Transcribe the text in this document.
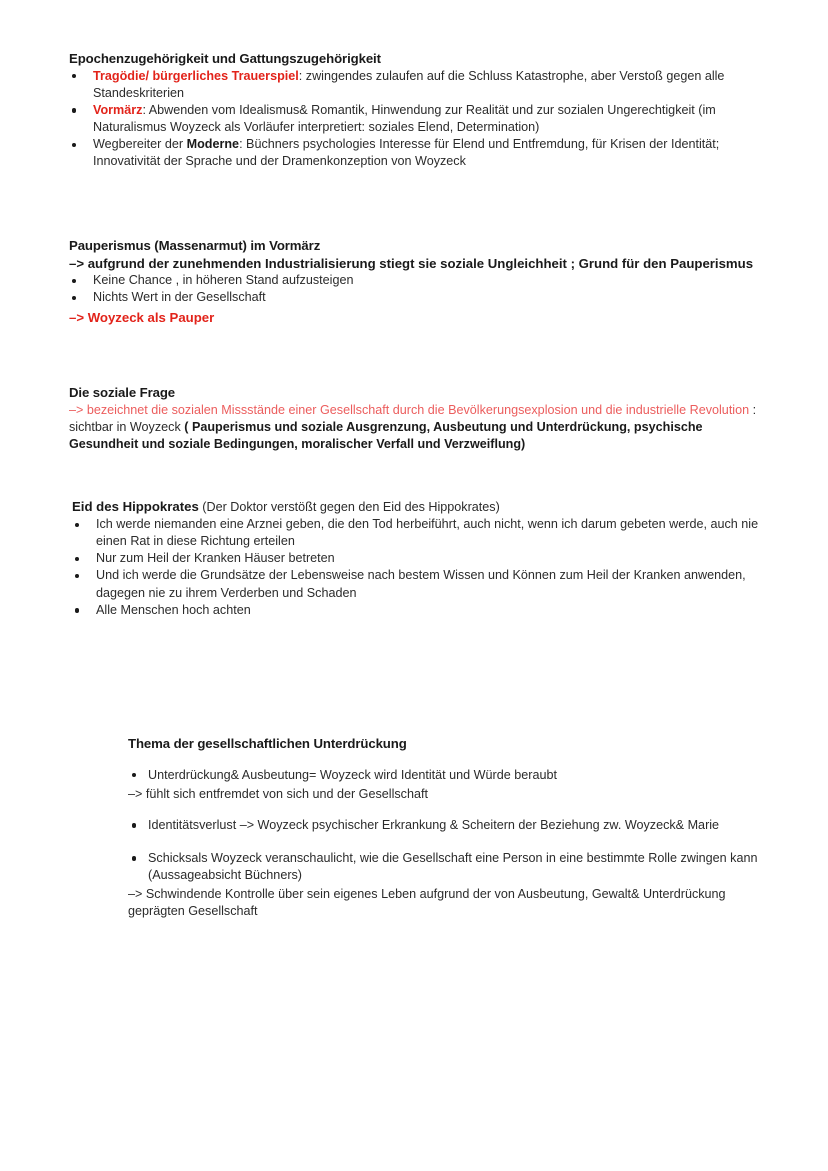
Epochenzugehörigkeit und Gattungszugehörigkeit
Tragödie/ bürgerliches Trauerspiel: zwingendes zulaufen auf die Schluss Katastrophe, aber Verstoß gegen alle Standeskriterien
Vormärz: Abwenden vom Idealismus& Romantik, Hinwendung zur Realität und zur sozialen Ungerechtigkeit (im Naturalismus Woyzeck als Vorläufer interpretiert: soziales Elend, Determination)
Wegbereiter der Moderne: Büchners psychologies Interesse für Elend und Entfremdung, für Krisen der Identität; Innovativität der Sprache und der Dramenkonzeption von Woyzeck
Pauperismus (Massenarmut) im Vormärz

–> aufgrund der zunehmenden Industrialisierung stiegt sie soziale Ungleichheit ; Grund für den Pauperismus

Keine Chance , in höheren Stand aufzusteigen
Nichts Wert in der Gesellschaft

–> Woyzeck als Pauper

Die soziale Frage

–> bezeichnet die sozialen Missstände einer Gesellschaft durch die Bevölkerungsexplosion und die industrielle Revolution : sichtbar in Woyzeck ( Pauperismus und soziale Ausgrenzung, Ausbeutung und Unterdrückung, psychische Gesundheit und soziale Bedingungen, moralischer Verfall und Verzweiflung)

Eid des Hippokrates (Der Doktor verstößt gegen den Eid des Hippokrates)

Ich werde niemanden eine Arznei geben, die den Tod herbeiführt, auch nicht, wenn ich darum gebeten werde, auch nie einen Rat in diese Richtung erteilen
Nur zum Heil der Kranken Häuser betreten
Und ich werde die Grundsätze der Lebensweise nach bestem Wissen und Können zum Heil der Kranken anwenden, dagegen nie zu ihrem Verderben und Schaden
Alle Menschen hoch achten
Thema der gesellschaftlichen Unterdrückung
Unterdrückung& Ausbeutung= Woyzeck wird Identität und Würde beraubt

–> fühlt sich entfremdet von sich und der Gesellschaft

Identitätsverlust –> Woyzeck psychischer Erkrankung & Scheitern der Beziehung zw. Woyzeck& Marie
Schicksals Woyzeck veranschaulicht, wie die Gesellschaft eine Person in eine bestimmte Rolle zwingen kann (Aussageabsicht Büchners)

–> Schwindende Kontrolle über sein eigenes Leben aufgrund der von Ausbeutung, Gewalt& Unterdrückung geprägten Gesellschaft
